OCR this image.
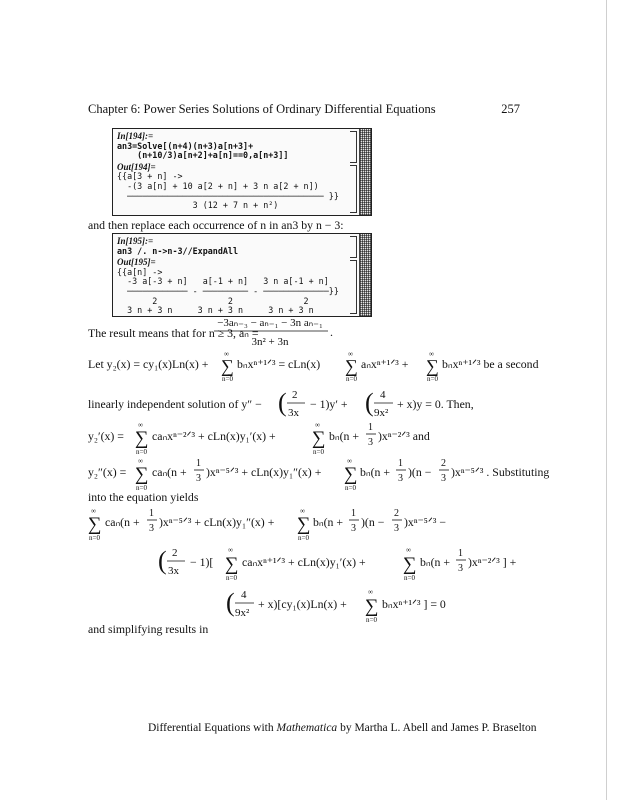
Chapter 6: Power Series Solutions of Ordinary Differential Equations	257
In[194]:=
an3=Solve[(n+4)(n+3)a[n+3]+
(n+10/3)a[n+2]+a[n]==0,a[n+3]]
Out[194]=
{{a[3 + n] ->
-(3 a[n] + 10 a[2 + n] + 3 n a[2 + n])
─────────────────────────────────────── }}
3 (12 + 7 n + n²)
and then replace each occurrence of n in an3 by n − 3:
In[195]:=
an3 /. n->n-3//ExpandAll
Out[195]=
{{a[n] ->
-3 a[-3 + n]   a[-1 + n]   3 n a[-1 + n]
──────────── - ───────── - ─────────────}}
2              2              2
3 n + 3 n     3 n + 3 n     3 n + 3 n
The result means that for n ≥ 3, aₙ =
−3aₙ₋₃ − aₙ₋₁ − 3n aₙ₋₁
3n² + 3n
.
Let y₂(x) = cy₁(x)Ln(x) +
∞
∑
n=0
bₙxⁿ⁺¹ᐟ³ = cLn(x)
∞
∑
n=0
aₙxⁿ⁺¹ᐟ³ +
∞
∑
n=0
bₙxⁿ⁺¹ᐟ³ be a second
linearly independent solution of y″ − ( 2
3x
− 1)y′ + ( 4
9x²
+ x)y = 0. Then,
y₂′(x) =
∞
∑
n=0
caₙxⁿ⁻²ᐟ³ + cLn(x)y₁′(x) +
∞
∑
n=0
bₙ(n +
1
3 )xⁿ⁻²ᐟ³ and
y₂″(x) =
∞
∑
n=0
caₙ(n +
1
3 )xⁿ⁻⁵ᐟ³ + cLn(x)y₁″(x) +
∞
∑
n=0
bₙ(n +
1
3 )(n −
2
3 )xⁿ⁻⁵ᐟ³ . Substituting
into the equation yields
∞
∑
n=0
caₙ(n +
1
3 )xⁿ⁻⁵ᐟ³ + cLn(x)y₁″(x) +
∞
∑
n=0
bₙ(n +
1
3 )(n −
2
3 )xⁿ⁻⁵ᐟ³ −
( 2
3x
− 1)[
∞
∑
n=0
caₙxⁿ⁺¹ᐟ³ + cLn(x)y₁′(x) +
∞
∑
n=0
bₙ(n +
1
3 )xⁿ⁻²ᐟ³ ] +
( 4
9x²
+ x)[cy₁(x)Ln(x) +
∞
∑
n=0
bₙxⁿ⁺¹ᐟ³ ] = 0
and simplifying results in
Differential Equations with Mathematica by Martha L. Abell and James P. Braselton
